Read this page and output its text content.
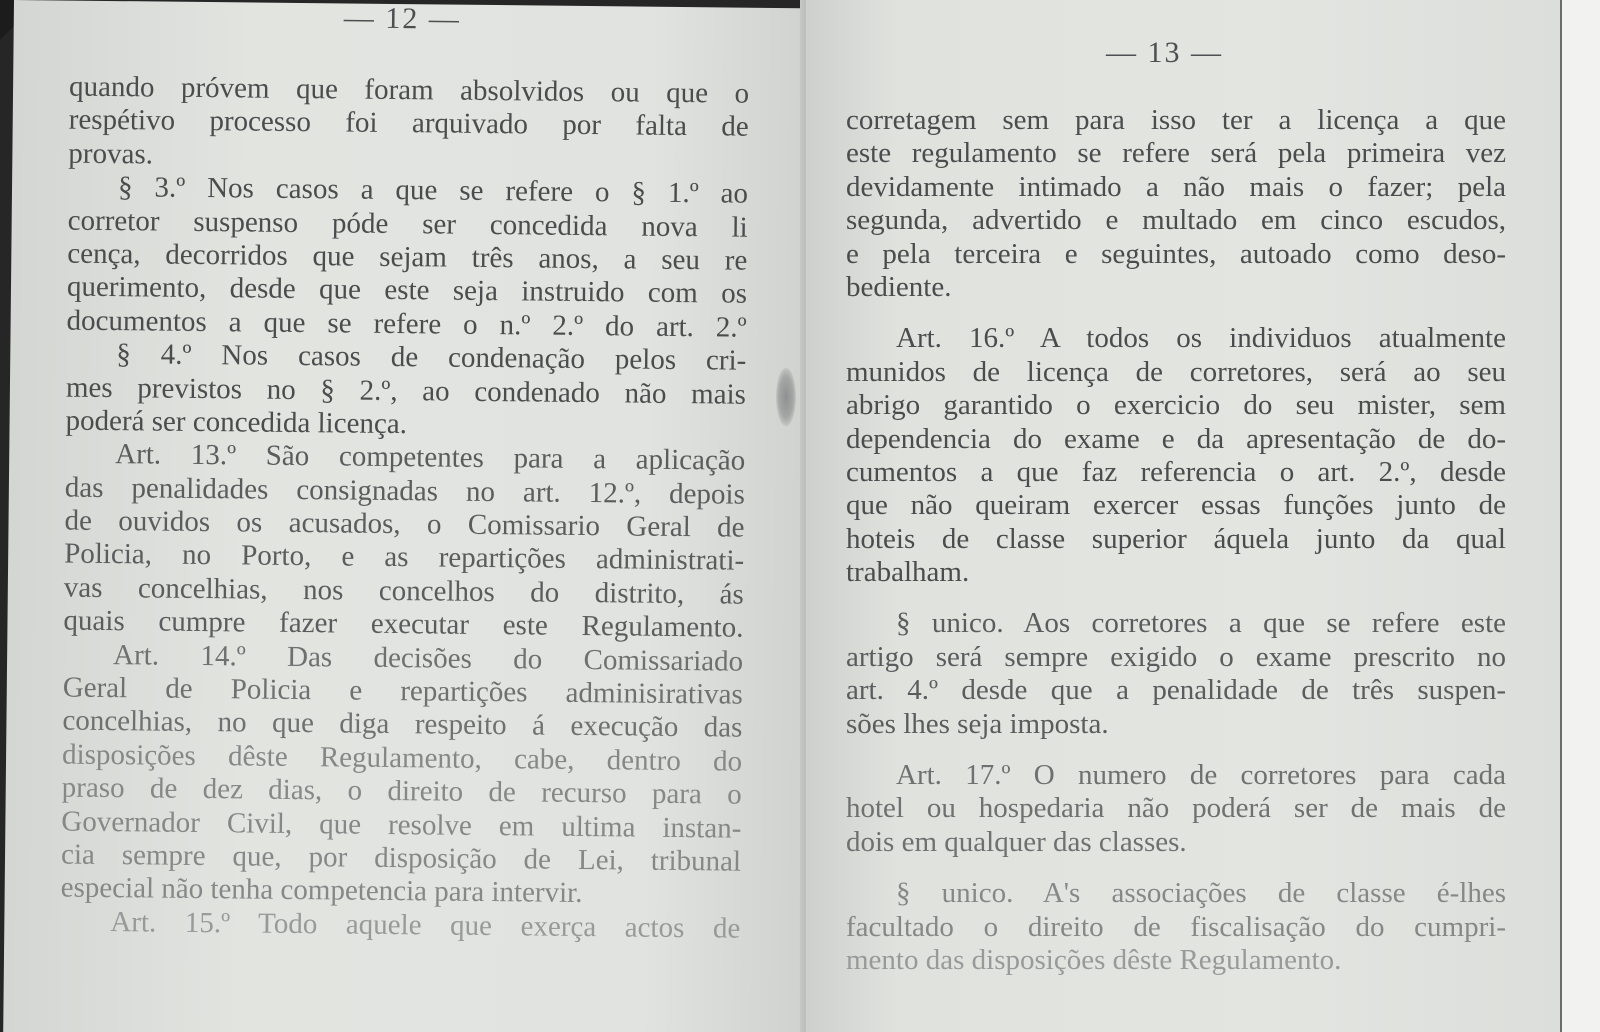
— 12 —
quando próvem que foram absolvidos ou que o
respétivo processo foi arquivado por falta de
provas.
§ 3.º Nos casos a que se refere o § 1.º ao
corretor suspenso póde ser concedida nova li
cença, decorridos que sejam três anos, a seu re
querimento, desde que este seja instruido com os
documentos a que se refere o n.º 2.º do art. 2.º
§ 4.º Nos casos de condenação pelos cri-
mes previstos no § 2.º, ao condenado não mais
poderá ser concedida licença.
Art. 13.º São competentes para a aplicação
das penalidades consignadas no art. 12.º, depois
de ouvidos os acusados, o Comissario Geral de
Policia, no Porto, e as repartições administrati-
vas concelhias, nos concelhos do distrito, ás
quais cumpre fazer executar este Regulamento.
Art. 14.º Das decisões do Comissariado
Geral de Policia e repartições adminisirativas
concelhias, no que diga respeito á execução das
disposições dêste Regulamento, cabe, dentro do
praso de dez dias, o direito de recurso para o
Governador Civil, que resolve em ultima instan-
cia sempre que, por disposição de Lei, tribunal
especial não tenha competencia para intervir.
Art. 15.º Todo aquele que exerça actos de
— 13 —
corretagem sem para isso ter a licença a que
este regulamento se refere será pela primeira vez
devidamente intimado a não mais o fazer; pela
segunda, advertido e multado em cinco escudos,
e pela terceira e seguintes, autoado como deso-
bediente.
Art. 16.º A todos os individuos atualmente
munidos de licença de corretores, será ao seu
abrigo garantido o exercicio do seu mister, sem
dependencia do exame e da apresentação de do-
cumentos a que faz referencia o art. 2.º, desde
que não queiram exercer essas funções junto de
hoteis de classe superior áquela junto da qual
trabalham.
§ unico. Aos corretores a que se refere este
artigo será sempre exigido o exame prescrito no
art. 4.º desde que a penalidade de três suspen-
sões lhes seja imposta.
Art. 17.º O numero de corretores para cada
hotel ou hospedaria não poderá ser de mais de
dois em qualquer das classes.
§ unico. A's associações de classe é-lhes
facultado o direito de fiscalisação do cumpri-
mento das disposições dêste Regulamento.
